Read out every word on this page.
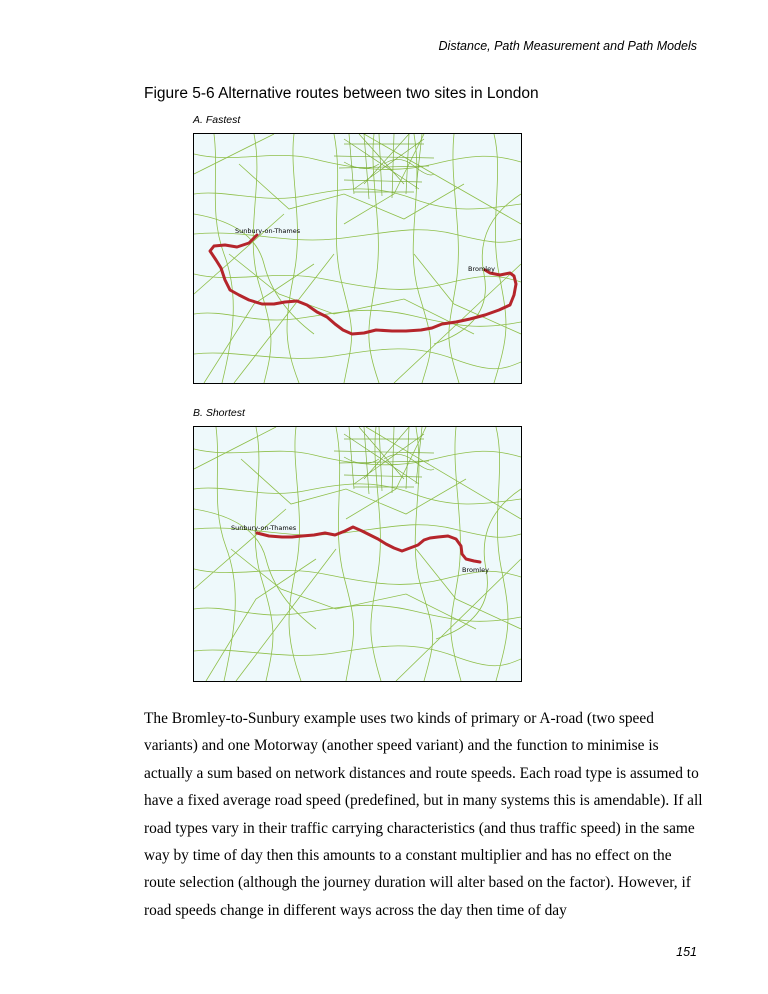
Distance, Path Measurement and Path Models
Figure 5-6 Alternative routes between two sites in London
A. Fastest
Sunbury-on-Thames
Bromley
B. Shortest
Sunbury-on-Thames
Bromley

The Bromley-to-Sunbury example uses two kinds of primary or A-road (two speed variants) and one Motorway (another speed variant) and the function to minimise is actually a sum based on network distances and route speeds. Each road type is assumed to have a fixed average road speed (predefined, but in many systems this is amendable). If all road types vary in their traffic carrying characteristics (and thus traffic speed) in the same way by time of day then this amounts to a constant multiplier and has no effect on the route selection (although the journey duration will alter based on the factor). However, if road speeds change in different ways across the day then time of day

151
